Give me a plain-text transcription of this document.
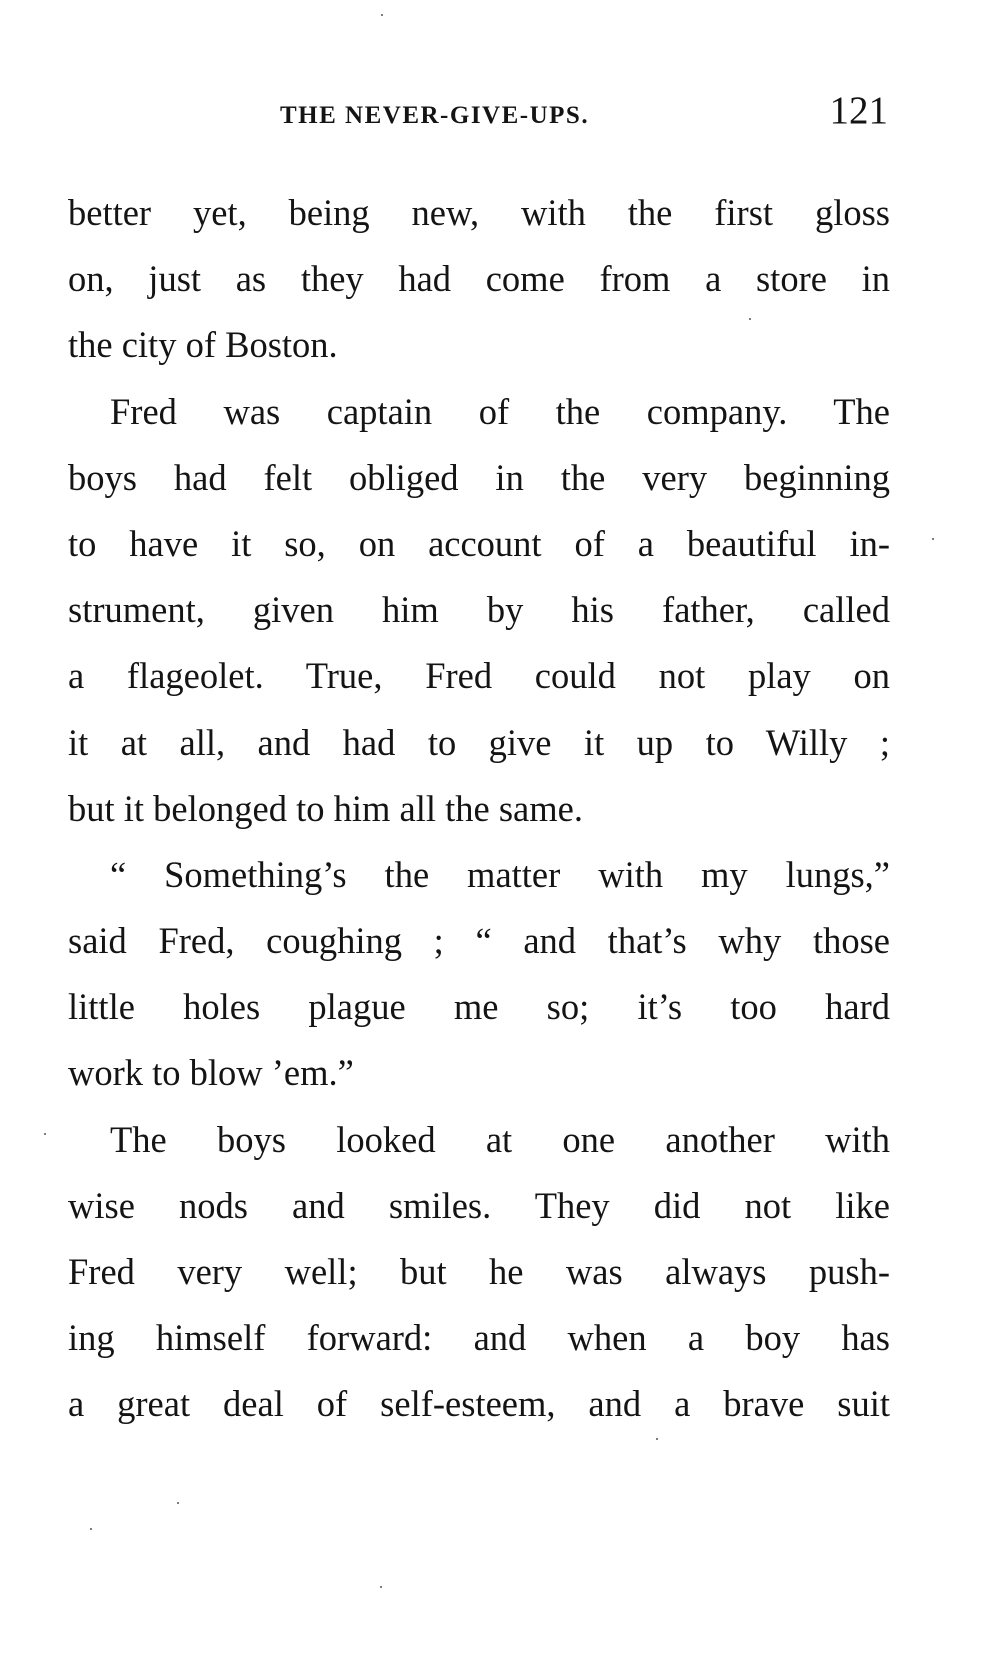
THE NEVER-GIVE-UPS.	121
better yet, being new, with the first gloss
on, just as they had come from a store in
the city of Boston.
Fred was captain of the company. The
boys had felt obliged in the very beginning
to have it so, on account of a beautiful in-
strument, given him by his father, called
a flageolet. True, Fred could not play on
it at all, and had to give it up to Willy ;
but it belonged to him all the same.
“ Something’s the matter with my lungs,”
said Fred, coughing ; “ and that’s why those
little holes plague me so; it’s too hard
work to blow ’em.”
The boys looked at one another with
wise nods and smiles. They did not like
Fred very well; but he was always push-
ing himself forward: and when a boy has
a great deal of self-esteem, and a brave suit
